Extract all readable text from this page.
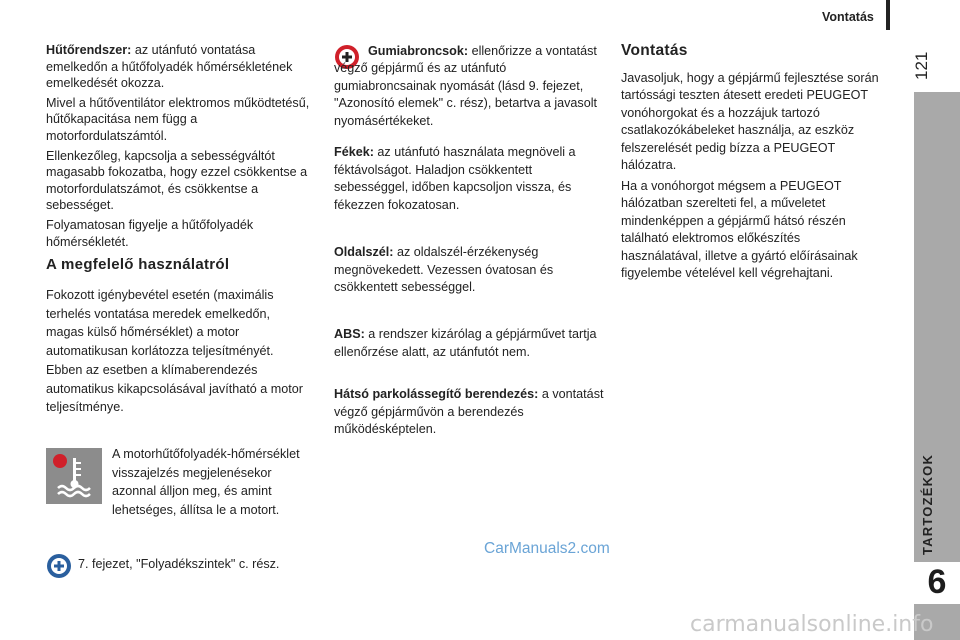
Vontatás
121
TARTOZÉKOK
6

Hűtőrendszer: az utánfutó vontatása emelkedőn a hűtőfolyadék hőmérsékletének emelkedését okozza.

Mivel a hűtőventilátor elektromos működtetésű, hűtőkapacitása nem függ a motorfordulatszámtól.

Ellenkezőleg, kapcsolja a sebességváltót magasabb fokozatba, hogy ezzel csökkentse a motorfordulatszámot, és csökkentse a sebességet.

Folyamatosan figyelje a hűtőfolyadék hőmérsékletét.

A megfelelő használatról

Fokozott igénybevétel esetén (maximális terhelés vontatása meredek emelkedőn, magas külső hőmérséklet) a motor automatikusan korlátozza teljesítményét. Ebben az esetben a klímaberendezés automatikus kikapcsolásával javítható a motor teljesítménye.

A motorhűtőfolyadék-hőmérséklet visszajelzés megjelenésekor azonnal álljon meg, és amint lehetséges, állítsa le a motort.

7. fejezet, "Folyadékszintek" c. rész.

Gumiabroncsok: ellenőrizze a vontatást végző gépjármű és az utánfutó gumiabroncsainak nyomását (lásd 9. fejezet, "Azonosító elemek" c. rész), betartva a javasolt nyomásértékeket.

Fékek: az utánfutó használata megnöveli a féktávolságot. Haladjon csökkentett sebességgel, időben kapcsoljon vissza, és fékezzen fokozatosan.

Oldalszél: az oldalszél-érzékenység megnövekedett. Vezessen óvatosan és csökkentett sebességgel.

ABS: a rendszer kizárólag a gépjárművet tartja ellenőrzése alatt, az utánfutót nem.

Hátsó parkolássegítő berendezés: a vontatást végző gépjárművön a berendezés működésképtelen.

Vontatás

Javasoljuk, hogy a gépjármű fejlesztése során tartóssági teszten átesett eredeti PEUGEOT vonóhorgokat és a hozzájuk tartozó csatlakozókábeleket használja, az eszköz felszerelését pedig bízza a PEUGEOT hálózatra.

Ha a vonóhorgot mégsem a PEUGEOT hálózatban szerelteti fel, a műveletet mindenképpen a gépjármű hátsó részén található elektromos előkészítés használatával, illetve a gyártó előírásainak figyelembe vételével kell végrehajtani.

CarManuals2.com
carmanualsonline.info
